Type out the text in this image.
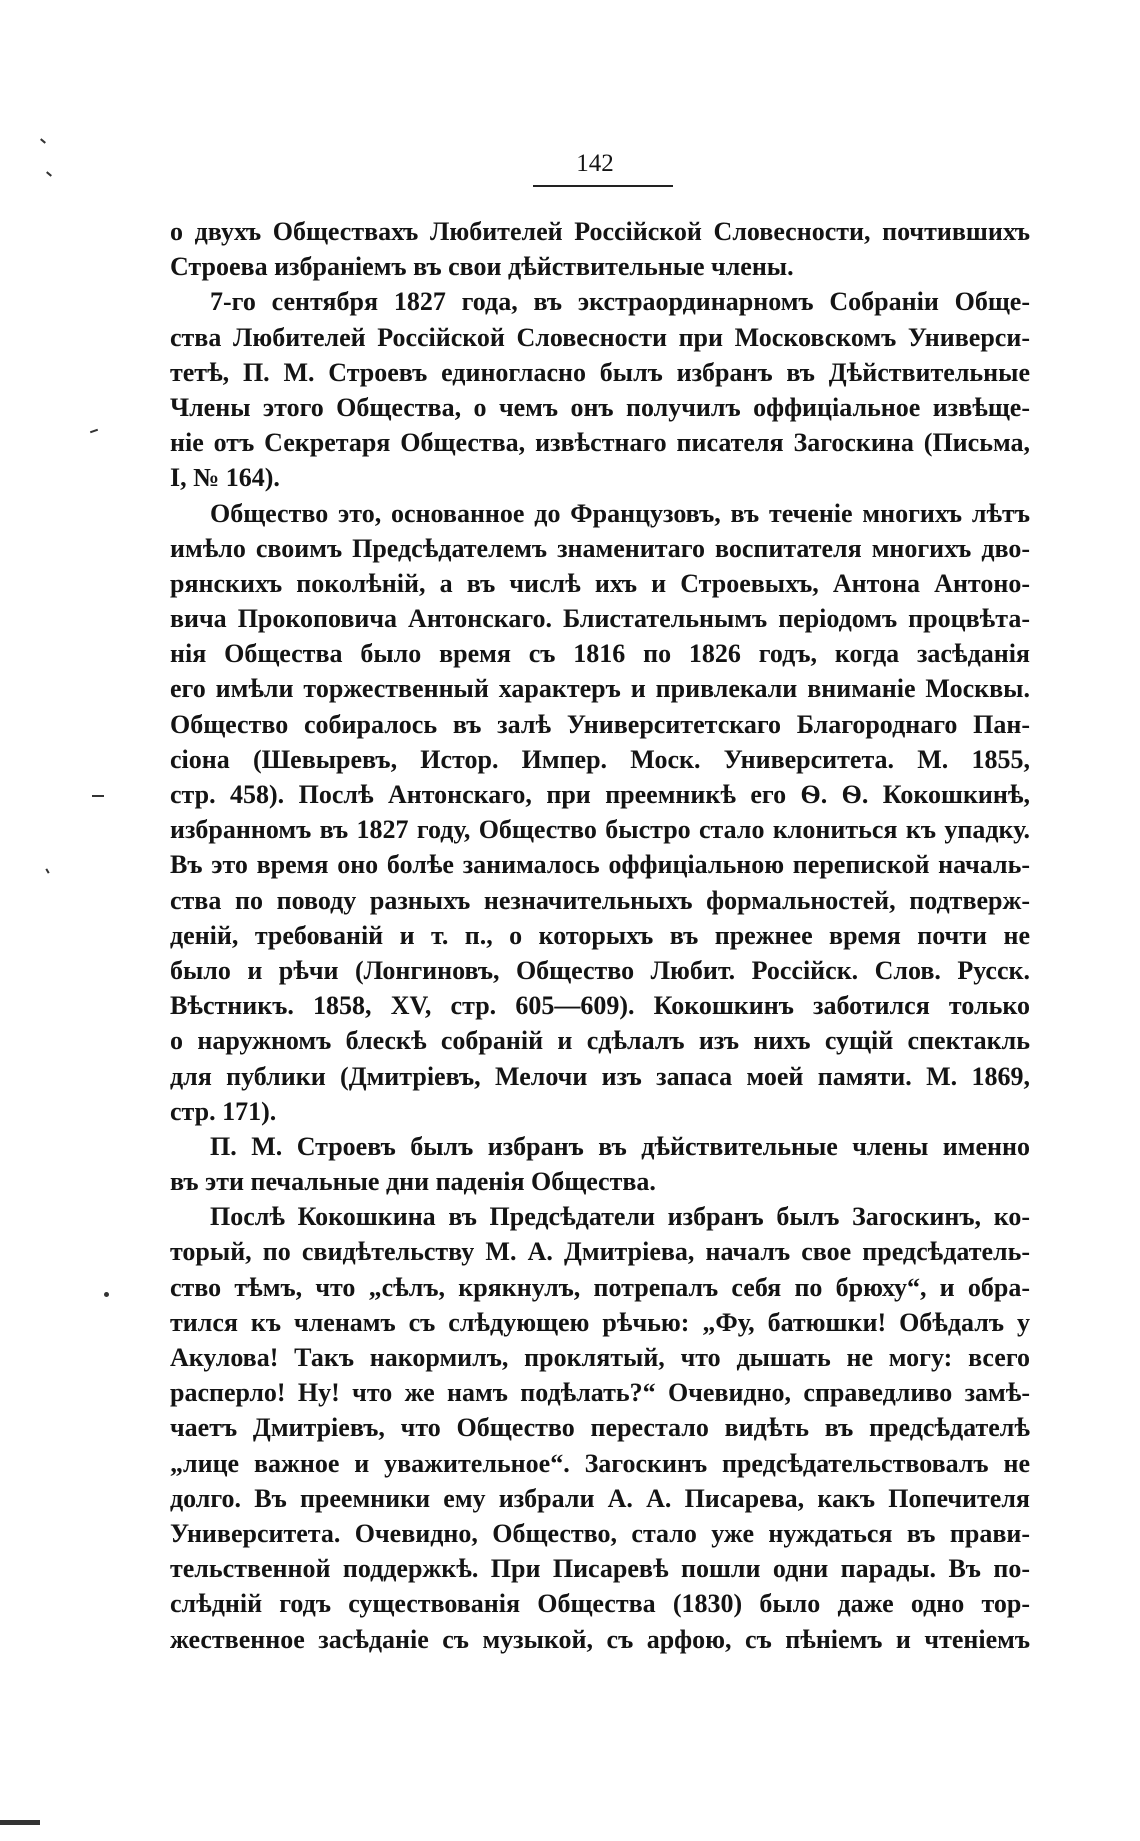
142
о двухъ Обществахъ Любителей Россійской Словесности, почтившихъ
Строева избраніемъ въ свои дѣйствительные члены.
7-го сентября 1827 года, въ экстраординарномъ Собраніи Обще-
ства Любителей Россійской Словесности при Московскомъ Универси-
тетѣ, П. М. Строевъ единогласно былъ избранъ въ Дѣйствительные
Члены этого Общества, о чемъ онъ получилъ оффиціальное извѣще-
ніе отъ Секретаря Общества, извѣстнаго писателя Загоскина (Письма,
I, № 164).
Общество это, основанное до Французовъ, въ теченіе многихъ лѣтъ
имѣло своимъ Предсѣдателемъ знаменитаго воспитателя многихъ дво-
рянскихъ поколѣній, а въ числѣ ихъ и Строевыхъ, Антона Антоно-
вича Прокоповича Антонскаго. Блистательнымъ періодомъ процвѣта-
нія Общества было время съ 1816 по 1826 годъ, когда засѣданія
его имѣли торжественный характеръ и привлекали вниманіе Москвы.
Общество собиралось въ залѣ Университетскаго Благороднаго Пан-
сіона (Шевыревъ, Истор. Импер. Моск. Университета. М. 1855,
стр. 458). Послѣ Антонскаго, при преемникѣ его Ѳ. Ѳ. Кокошкинѣ,
избранномъ въ 1827 году, Общество быстро стало клониться къ упадку.
Въ это время оно болѣе занималось оффиціальною перепиской началь-
ства по поводу разныхъ незначительныхъ формальностей, подтверж-
деній, требованій и т. п., о которыхъ въ прежнее время почти не
было и рѣчи (Лонгиновъ, Общество Любит. Россійск. Слов. Русск.
Вѣстникъ. 1858, XV, стр. 605—609). Кокошкинъ заботился только
о наружномъ блескѣ собраній и сдѣлалъ изъ нихъ сущій спектакль
для публики (Дмитріевъ, Мелочи изъ запаса моей памяти. М. 1869,
стр. 171).
П. М. Строевъ былъ избранъ въ дѣйствительные члены именно
въ эти печальные дни паденія Общества.
Послѣ Кокошкина въ Предсѣдатели избранъ былъ Загоскинъ, ко-
торый, по свидѣтельству М. А. Дмитріева, началъ свое предсѣдатель-
ство тѣмъ, что „сѣлъ, крякнулъ, потрепалъ себя по брюху“, и обра-
тился къ членамъ съ слѣдующею рѣчью: „Фу, батюшки! Обѣдалъ у
Акулова! Такъ накормилъ, проклятый, что дышать не могу: всего
расперло! Ну! что же намъ подѣлать?“ Очевидно, справедливо замѣ-
чаетъ Дмитріевъ, что Общество перестало видѣть въ предсѣдателѣ
„лице важное и уважительное“. Загоскинъ предсѣдательствовалъ не
долго. Въ преемники ему избрали А. А. Писарева, какъ Попечителя
Университета. Очевидно, Общество, стало уже нуждаться въ прави-
тельственной поддержкѣ. При Писаревѣ пошли одни парады. Въ по-
слѣдній годъ существованія Общества (1830) было даже одно тор-
жественное засѣданіе съ музыкой, съ арфою, съ пѣніемъ и чтеніемъ
